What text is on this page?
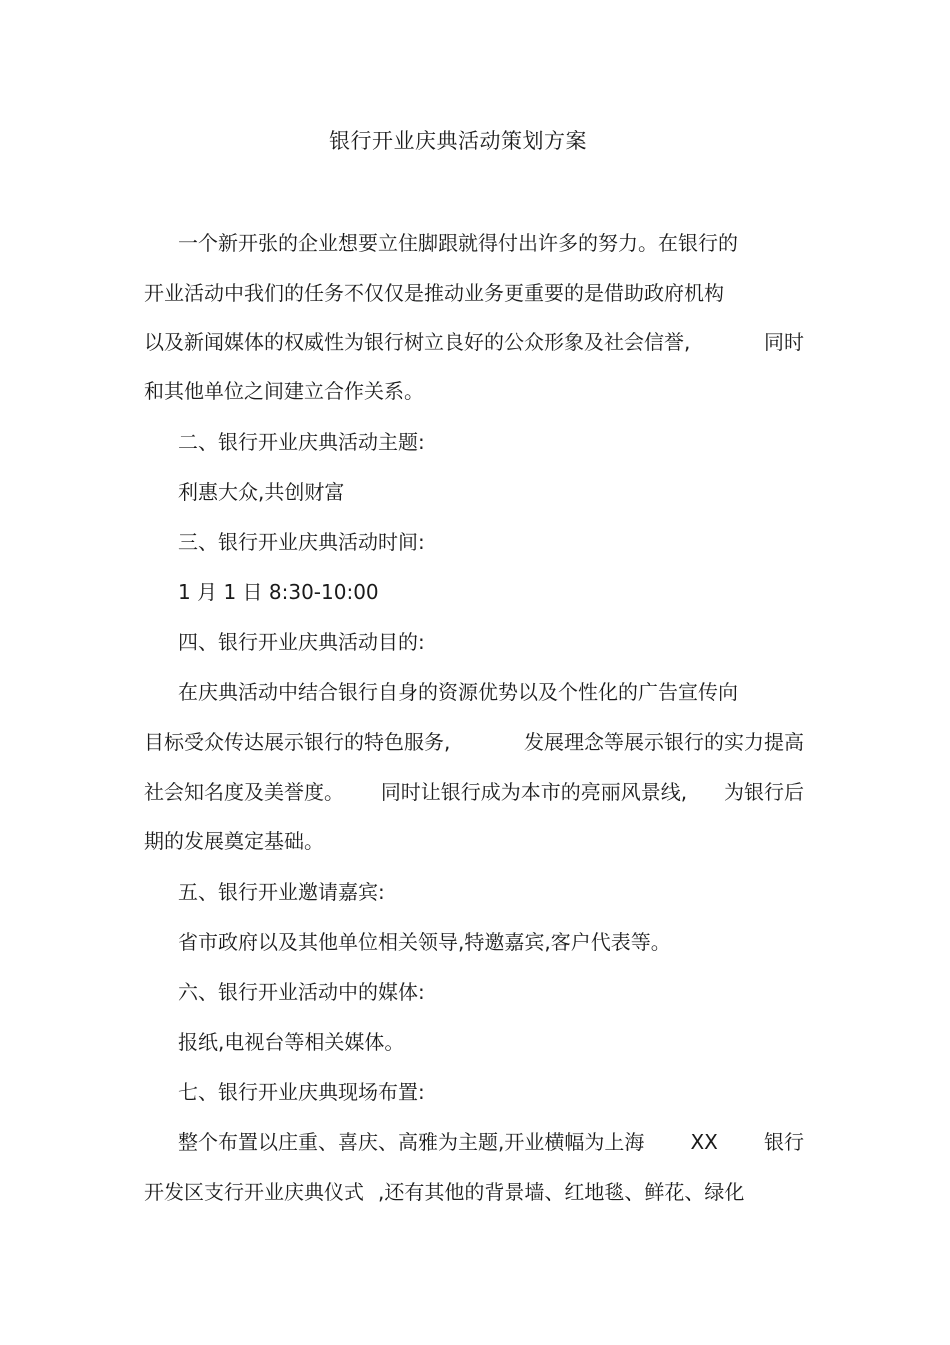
银行开业庆典活动策划方案
一个新开张的企业想要立住脚跟就得付出许多的努力。在银行的
开业活动中我们的任务不仅仅是推动业务更重要的是借助政府机构
以及新闻媒体的权威性为银行树立良好的公众形象及社会信誉,	同时
和其他单位之间建立合作关系。
二、银行开业庆典活动主题:
利惠大众,共创财富
三、银行开业庆典活动时间:
1 月 1 日 8:30-10:00
四、银行开业庆典活动目的:
在庆典活动中结合银行自身的资源优势以及个性化的广告宣传向
目标受众传达展示银行的特色服务,	发展理念等展示银行的实力提高
社会知名度及美誉度。 同时让银行成为本市的亮丽风景线, 为银行后
期的发展奠定基础。
五、银行开业邀请嘉宾:
省市政府以及其他单位相关领导,特邀嘉宾,客户代表等。
六、银行开业活动中的媒体:
报纸,电视台等相关媒体。
七、银行开业庆典现场布置:
整个布置以庄重、喜庆、高雅为主题,开业横幅为上海 XX 银行
开发区支行开业庆典仪式 ,还有其他的背景墙、红地毯、鲜花、绿化
